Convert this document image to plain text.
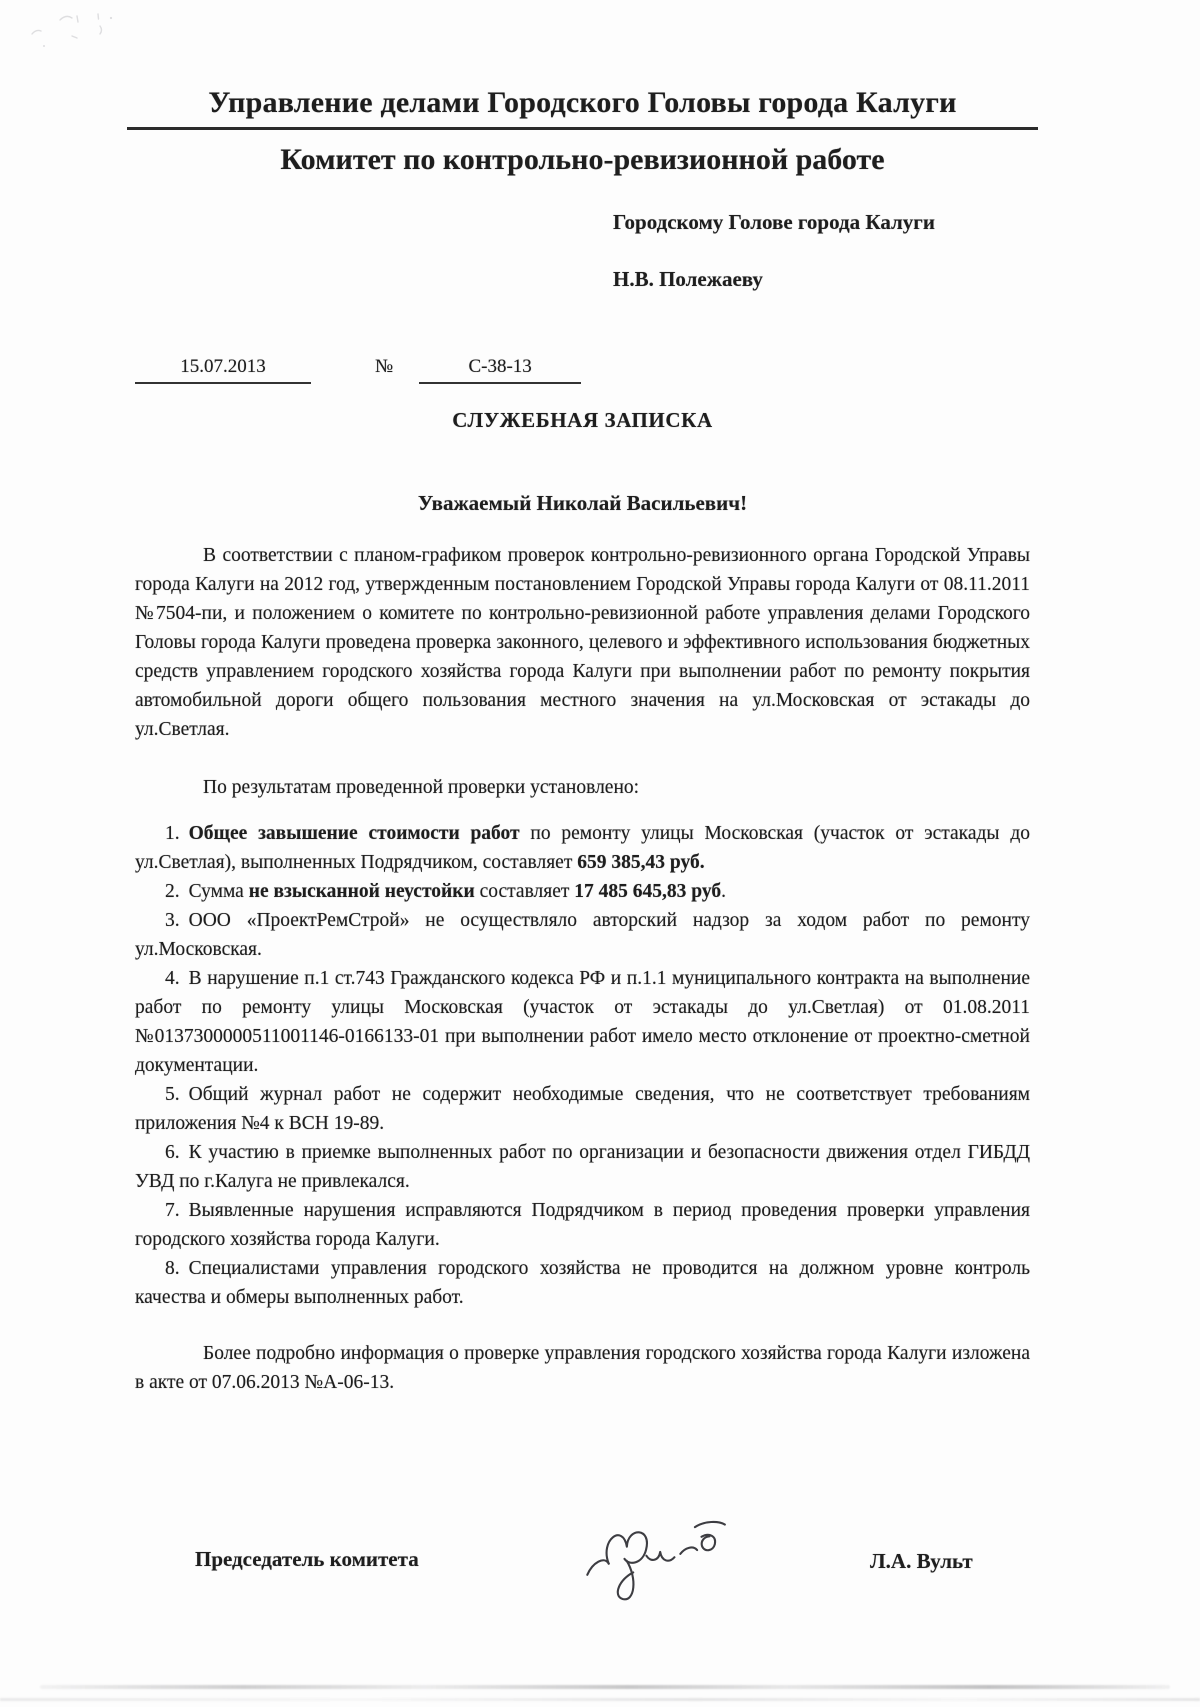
Управление делами Городского Головы города Калуги
Комитет по контрольно-ревизионной работе

Городскому Голове города Калуги

Н.В. Полежаеву

15.07.2013	№	С-38-13
СЛУЖЕБНАЯ ЗАПИСКА
Уважаемый Николай Васильевич!

В соответствии с планом-графиком проверок контрольно-ревизионного органа Городской Управы города Калуги на 2012 год, утвержденным постановлением Городской Управы города Калуги от 08.11.2011 №7504-пи, и положением о комитете по контрольно-ревизионной работе управления делами Городского Головы города Калуги проведена проверка законного, целевого и эффективного использования бюджетных средств управлением городского хозяйства города Калуги при выполнении работ по ремонту покрытия автомобильной дороги общего пользования местного значения на ул.Московская от эстакады до ул.Светлая.

По результатам проведенной проверки установлено:

1. Общее завышение стоимости работ по ремонту улицы Московская (участок от эстакады до ул.Светлая), выполненных Подрядчиком, составляет 659 385,43 руб.

2. Сумма не взысканной неустойки составляет 17 485 645,83 руб.

3. ООО «ПроектРемСтрой» не осуществляло авторский надзор за ходом работ по ремонту ул.Московская.

4. В нарушение п.1 ст.743 Гражданского кодекса РФ и п.1.1 муниципального контракта на выполнение работ по ремонту улицы Московская (участок от эстакады до ул.Светлая) от 01.08.2011 №0137300000511001146-0166133-01 при выполнении работ имело место отклонение от проектно-сметной документации.

5. Общий журнал работ не содержит необходимые сведения, что не соответствует требованиям приложения №4 к ВСН 19-89.

6. К участию в приемке выполненных работ по организации и безопасности движения отдел ГИБДД УВД по г.Калуга не привлекался.

7. Выявленные нарушения исправляются Подрядчиком в период проведения проверки управления городского хозяйства города Калуги.

8. Специалистами управления городского хозяйства не проводится на должном уровне контроль качества и обмеры выполненных работ.

Более подробно информация о проверке управления городского хозяйства города Калуги изложена в акте от 07.06.2013 №А-06-13.

Председатель комитета	Л.А. Вульт
